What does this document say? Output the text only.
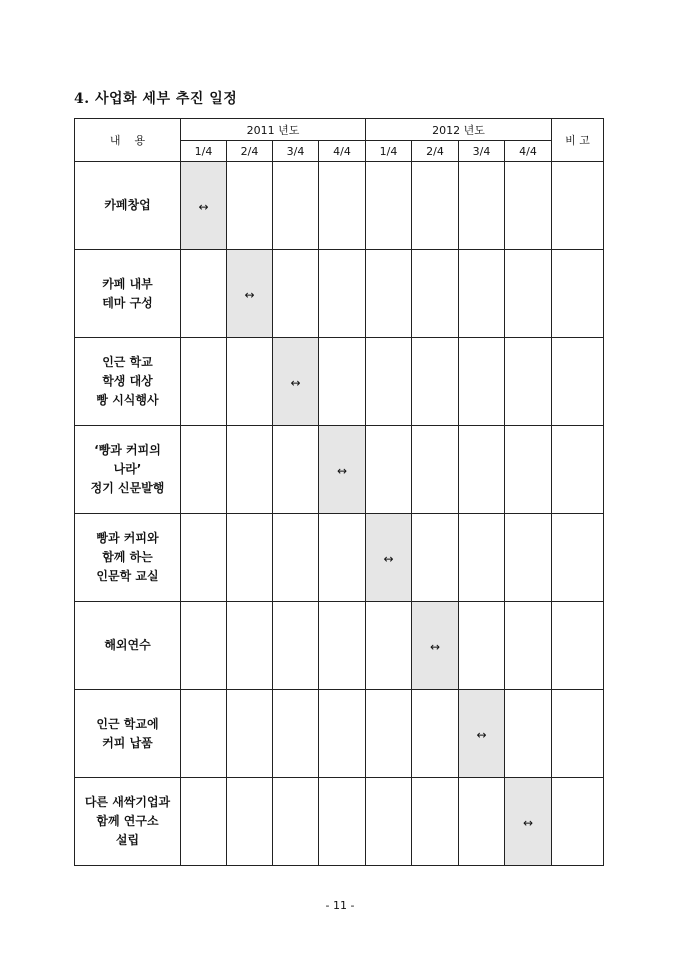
4. 사업화 세부 추진 일정
내    용	2011 년도				2012 년도				비 고
	1/4	2/4	3/4	4/4	1/4	2/4	3/4	4/4	

카페창업	↔								

카페 내부
테마 구성		↔							

인근 학교
학생 대상
빵 시식행사			↔						

‘빵과 커피의
나라’
정기 신문발행				↔					

빵과 커피와
함께 하는
인문학 교실					↔				

해외연수						↔			

인근 학교에
커피 납품							↔		

다른 새싹기업과
함께 연구소
설립								↔	
- 11 -
